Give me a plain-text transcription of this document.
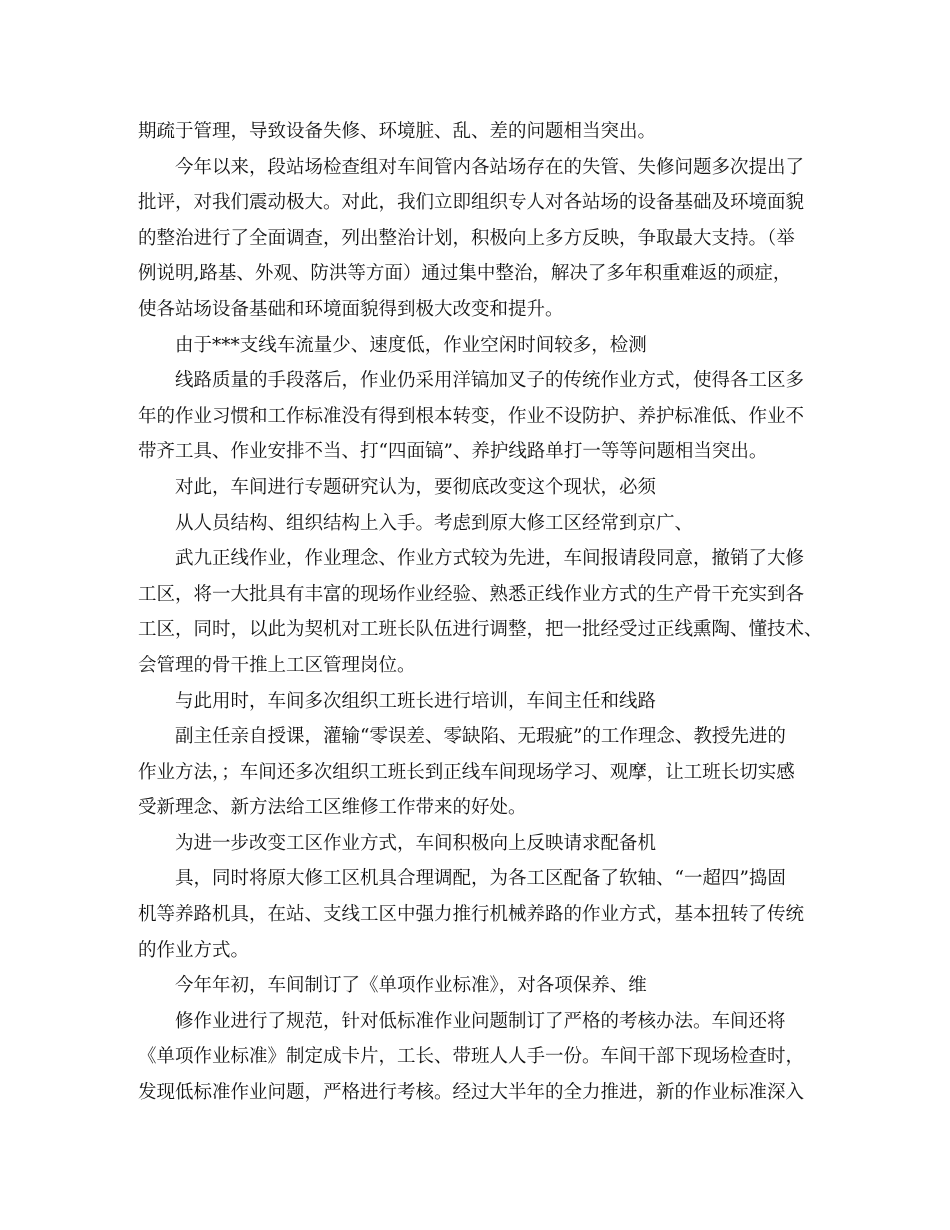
期疏于管理，导致设备失修、环境脏、乱、差的问题相当突出。
今年以来，段站场检查组对车间管内各站场存在的失管、失修问题多次提出了
批评，对我们震动极大。对此，我们立即组织专人对各站场的设备基础及环境面貌
的整治进行了全面调查，列出整治计划，积极向上多方反映，争取最大支持。（举
例说明,路基、外观、防洪等方面）通过集中整治，解决了多年积重难返的顽症，
使各站场设备基础和环境面貌得到极大改变和提升。
由于***支线车流量少、速度低，作业空闲时间较多，检测
线路质量的手段落后，作业仍采用洋镐加叉子的传统作业方式，使得各工区多
年的作业习惯和工作标准没有得到根本转变，作业不设防护、养护标准低、作业不
带齐工具、作业安排不当、打“四面镐”、养护线路单打一等等问题相当突出。
对此，车间进行专题研究认为，要彻底改变这个现状，必须
从人员结构、组织结构上入手。考虑到原大修工区经常到京广、
武九正线作业，作业理念、作业方式较为先进，车间报请段同意，撤销了大修
工区，将一大批具有丰富的现场作业经验、熟悉正线作业方式的生产骨干充实到各
工区，同时，以此为契机对工班长队伍进行调整，把一批经受过正线熏陶、懂技术、
会管理的骨干推上工区管理岗位。
与此用时，车间多次组织工班长进行培训，车间主任和线路
副主任亲自授课，灌输“零误差、零缺陷、无瑕疵”的工作理念、教授先进的
作业方法，；车间还多次组织工班长到正线车间现场学习、观摩，让工班长切实感
受新理念、新方法给工区维修工作带来的好处。
为进一步改变工区作业方式，车间积极向上反映请求配备机
具，同时将原大修工区机具合理调配，为各工区配备了软轴、“一超四”捣固
机等养路机具，在站、支线工区中强力推行机械养路的作业方式，基本扭转了传统
的作业方式。
今年年初，车间制订了《单项作业标准》，对各项保养、维
修作业进行了规范，针对低标准作业问题制订了严格的考核办法。车间还将
《单项作业标准》制定成卡片，工长、带班人人手一份。车间干部下现场检查时，
发现低标准作业问题，严格进行考核。经过大半年的全力推进，新的作业标准深入
